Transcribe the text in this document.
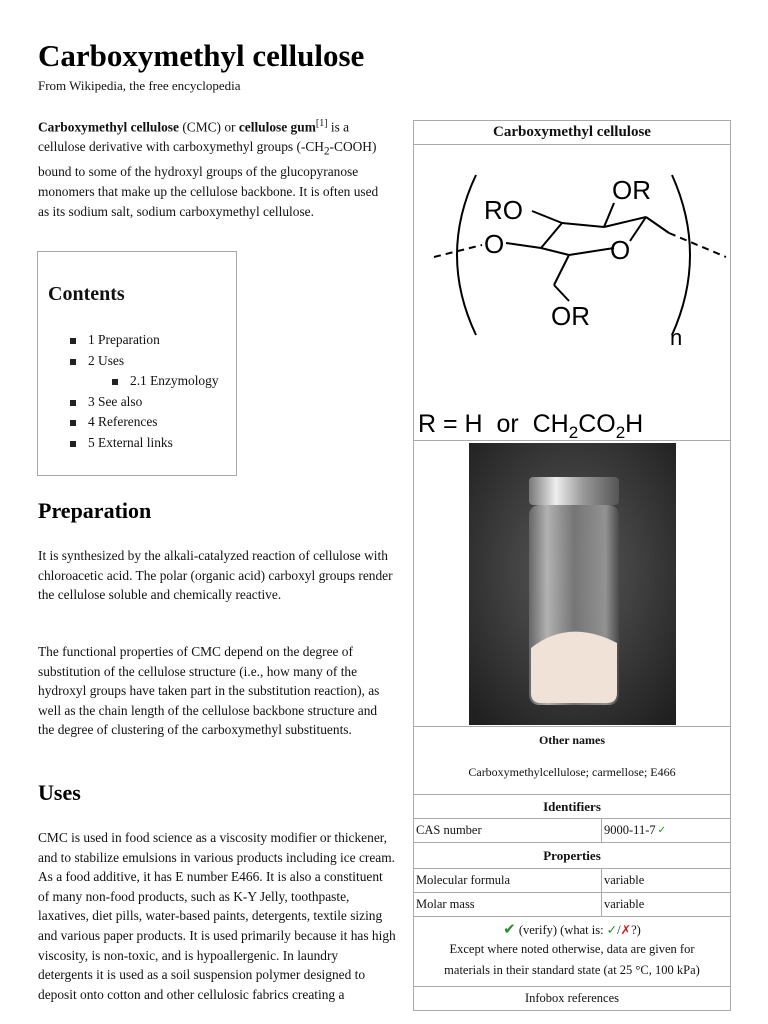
Carboxymethyl cellulose
From Wikipedia, the free encyclopedia
Carboxymethyl cellulose (CMC) or cellulose gum[1] is a cellulose derivative with carboxymethyl groups $(-CH_2-COOH)$ bound to some of the hydroxyl groups of the glucopyranose monomers that make up the cellulose backbone. It is often used as its sodium salt, sodium carboxymethyl cellulose.
Contents
1 Preparation
2 Uses
2.1 Enzymology
3 See also
4 References
5 External links
Preparation
It is synthesized by the alkali-catalyzed reaction of cellulose with chloroacetic acid. The polar (organic acid) carboxyl groups render the cellulose soluble and chemically reactive.
The functional properties of CMC depend on the degree of substitution of the cellulose structure (i.e., how many of the hydroxyl groups have taken part in the substitution reaction), as well as the chain length of the cellulose backbone structure and the degree of clustering of the carboxymethyl substituents.
Uses
CMC is used in food science as a viscosity modifier or thickener, and to stabilize emulsions in various products including ice cream. As a food additive, it has E number E466. It is also a constituent of many non-food products, such as K-Y Jelly, toothpaste, laxatives, diet pills, water-based paints, detergents, textile sizing and various paper products. It is used primarily because it has high viscosity, is non-toxic, and is hypoallergenic. In laundry detergents it is used as a soil suspension polymer designed to deposit onto cotton and other cellulosic fabrics creating a
Carboxymethyl cellulose
RO
OR
O	O
OR
n
R = H  or  $CH_2CO_2H$
Other names
Carboxymethylcellulose; carmellose; E466
Identifiers
CAS number	9000-11-7 ✓
Properties
Molecular formula	variable
Molar mass	variable
✔ (verify) (what is: ✓/✗?)
Except where noted otherwise, data are given for
materials in their standard state (at 25 °C, 100 kPa)
Infobox references
